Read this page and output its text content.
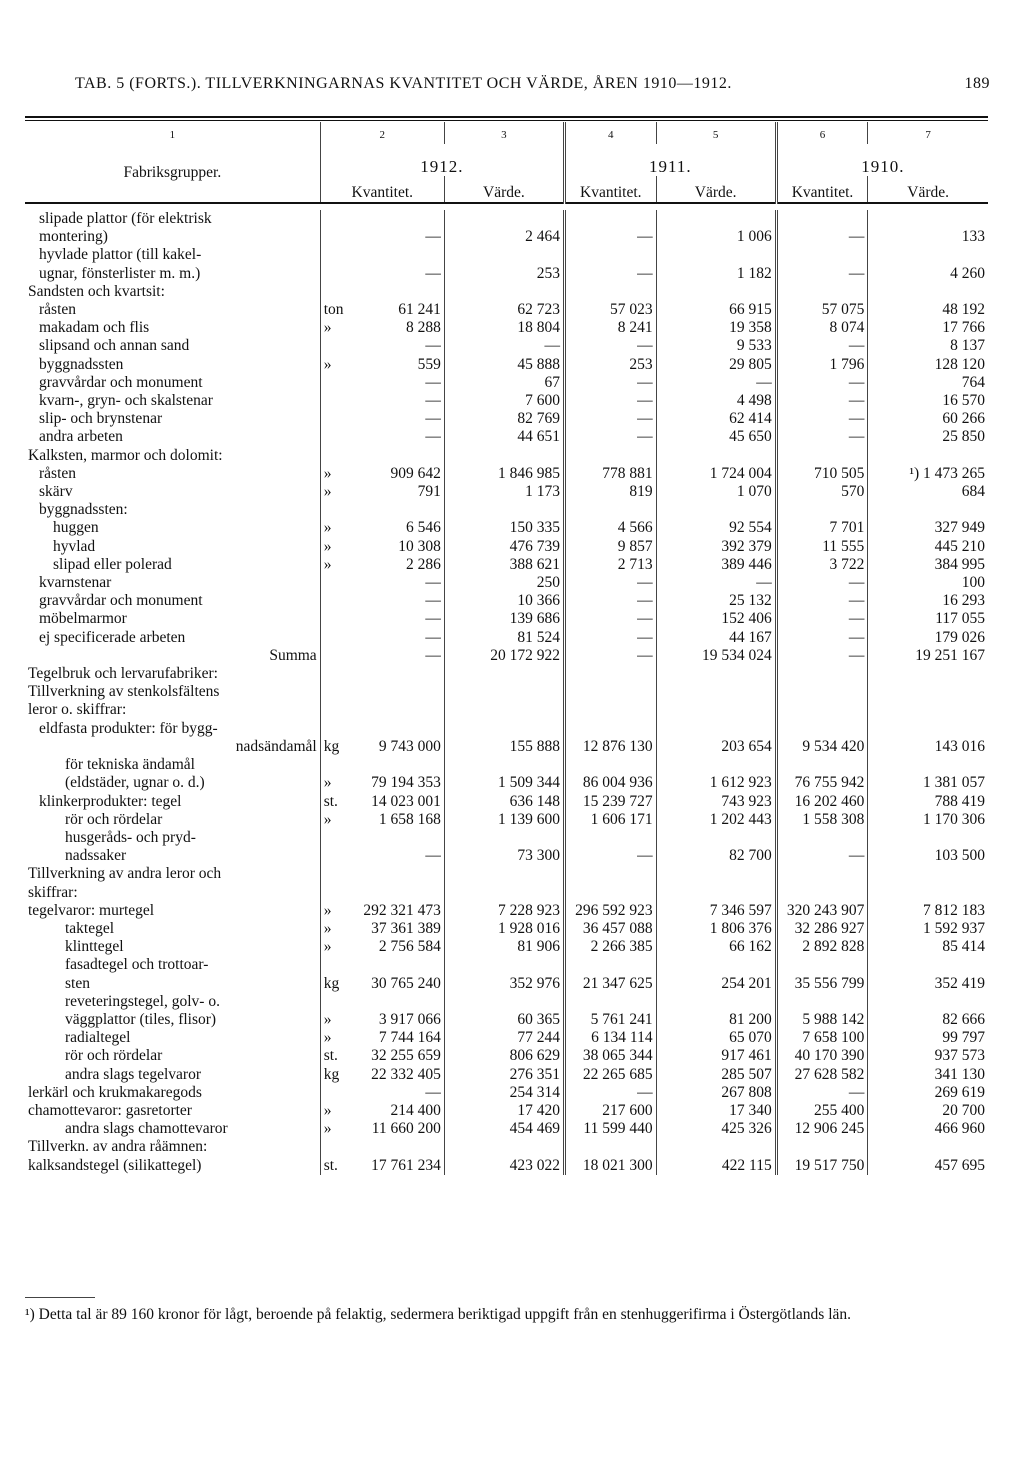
TAB. 5 (FORTS.). TILLVERKNINGARNAS KVANTITET OCH VÄRDE, ÅREN 1910—1912.	189
1	2		3	4	5	6	7
Fabriksgrupper.	1912.			1911.		1910.	
	Kvantitet.		Värde.	Kvantitet.	Värde.	Kvantitet.	Värde.

slipade plattor (för elektrisk							
montering)		—	2 464	—	1 006	—	133
hyvlade plattor (till kakel-							
ugnar, fönsterlister m. m.)		—	253	—	1 182	—	4 260
Sandsten och kvartsit:							
råsten	ton	61 241	62 723	57 023	66 915	57 075	48 192
makadam och flis	»	8 288	18 804	8 241	19 358	8 074	17 766
slipsand och annan sand		—	—	—	9 533	—	8 137
byggnadssten	»	559	45 888	253	29 805	1 796	128 120
gravvårdar och monument		—	67	—	—	—	764
kvarn-, gryn- och skalstenar		—	7 600	—	4 498	—	16 570
slip- och brynstenar		—	82 769	—	62 414	—	60 266
andra arbeten		—	44 651	—	45 650	—	25 850
Kalksten, marmor och dolomit:							
råsten	»	909 642	1 846 985	778 881	1 724 004	710 505	¹) 1 473 265
skärv	»	791	1 173	819	1 070	570	684
byggnadssten:							
huggen	»	6 546	150 335	4 566	92 554	7 701	327 949
hyvlad	»	10 308	476 739	9 857	392 379	11 555	445 210
slipad eller polerad	»	2 286	388 621	2 713	389 446	3 722	384 995
kvarnstenar		—	250	—	—	—	100
gravvårdar och monument		—	10 366	—	25 132	—	16 293
möbelmarmor		—	139 686	—	152 406	—	117 055
ej specificerade arbeten		—	81 524	—	44 167	—	179 026
Summa		—	20 172 922	—	19 534 024	—	19 251 167
Tegelbruk och lervarufabriker:							
Tillverkning av stenkolsfältens							
leror o. skiffrar:							
eldfasta produkter: för bygg-							
nadsändamål	kg	9 743 000	155 888	12 876 130	203 654	9 534 420	143 016
för tekniska ändamål							
(eldstäder, ugnar o. d.)	»	79 194 353	1 509 344	86 004 936	1 612 923	76 755 942	1 381 057
klinkerprodukter: tegel	st.	14 023 001	636 148	15 239 727	743 923	16 202 460	788 419
rör och rördelar	»	1 658 168	1 139 600	1 606 171	1 202 443	1 558 308	1 170 306
husgeråds- och pryd-							
nadssaker		—	73 300	—	82 700	—	103 500
Tillverkning av andra leror och							
skiffrar:							
tegelvaror: murtegel	»	292 321 473	7 228 923	296 592 923	7 346 597	320 243 907	7 812 183
taktegel	»	37 361 389	1 928 016	36 457 088	1 806 376	32 286 927	1 592 937
klinttegel	»	2 756 584	81 906	2 266 385	66 162	2 892 828	85 414
fasadtegel och trottoar-							
sten	kg	30 765 240	352 976	21 347 625	254 201	35 556 799	352 419
reveteringstegel, golv- o.							
väggplattor (tiles, flisor)	»	3 917 066	60 365	5 761 241	81 200	5 988 142	82 666
radialtegel	»	7 744 164	77 244	6 134 114	65 070	7 658 100	99 797
rör och rördelar	st.	32 255 659	806 629	38 065 344	917 461	40 170 390	937 573
andra slags tegelvaror	kg	22 332 405	276 351	22 265 685	285 507	27 628 582	341 130
lerkärl och krukmakaregods		—	254 314	—	267 808	—	269 619
chamottevaror: gasretorter	»	214 400	17 420	217 600	17 340	255 400	20 700
andra slags chamottevaror	»	11 660 200	454 469	11 599 440	425 326	12 906 245	466 960
Tillverkn. av andra råämnen:							
kalksandstegel (silikattegel)	st.	17 761 234	423 022	18 021 300	422 115	19 517 750	457 695
¹) Detta tal är 89 160 kronor för lågt, beroende på felaktig, sedermera beriktigad uppgift från en stenhuggerifirma i Östergötlands län.
